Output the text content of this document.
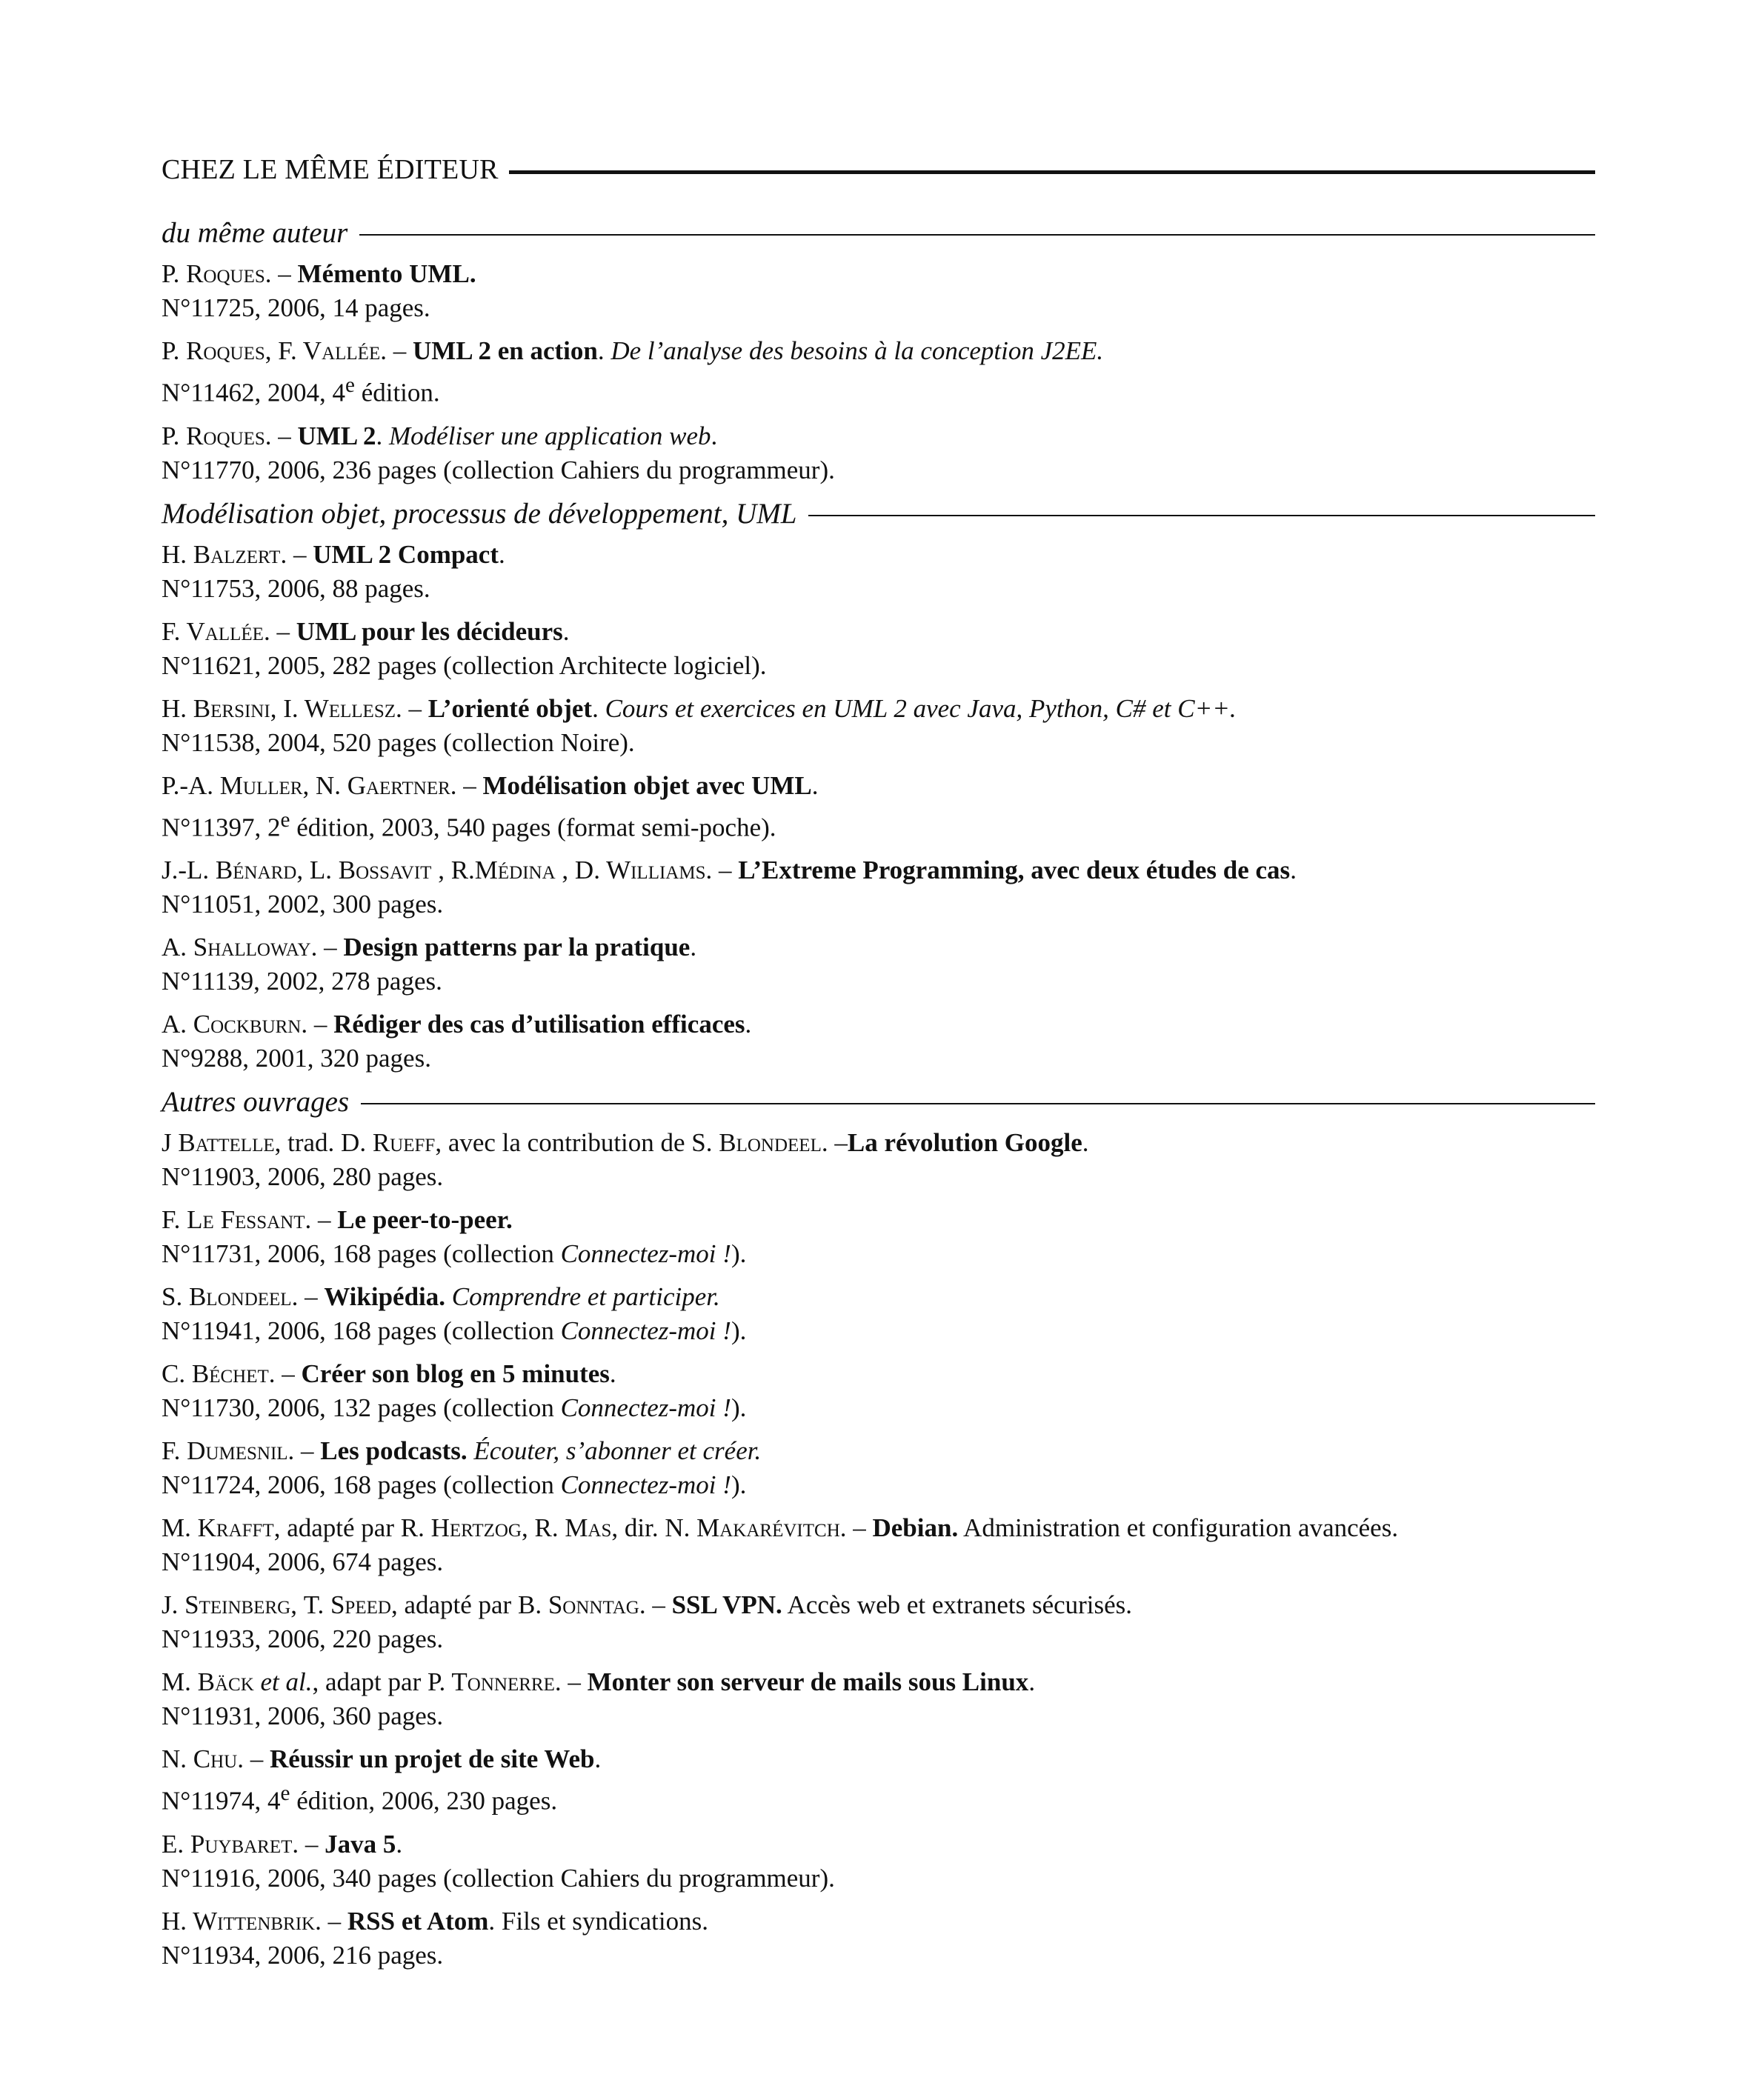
CHEZ LE MÊME ÉDITEUR
du même auteur
P. Roques. – Mémento UML.
N°11725, 2006, 14 pages.
P. Roques, F. Vallée. – UML 2 en action. De l’analyse des besoins à la conception J2EE.
N°11462, 2004, 4e édition.
P. Roques. – UML 2. Modéliser une application web.
N°11770, 2006, 236 pages (collection Cahiers du programmeur).
Modélisation objet, processus de développement, UML
H. Balzert. – UML 2 Compact.
N°11753, 2006, 88 pages.
F. Vallée. – UML pour les décideurs.
N°11621, 2005, 282 pages (collection Architecte logiciel).
H. Bersini, I. Wellesz. – L’orienté objet. Cours et exercices en UML 2 avec Java, Python, C# et C++.
N°11538, 2004, 520 pages (collection Noire).
P.-A. Muller, N. Gaertner. – Modélisation objet avec UML.
N°11397, 2e édition, 2003, 540 pages (format semi-poche).
J.-L. Bénard, L. Bossavit , R.Médina , D. Williams. – L’Extreme Programming, avec deux études de cas.
N°11051, 2002, 300 pages.
A. Shalloway. – Design patterns par la pratique.
N°11139, 2002, 278 pages.
A. Cockburn. – Rédiger des cas d’utilisation efficaces.
N°9288, 2001, 320 pages.
Autres ouvrages
J Battelle, trad. D. Rueff, avec la contribution de S. Blondeel. –La révolution Google.
N°11903, 2006, 280 pages.
F. Le Fessant. – Le peer-to-peer.
N°11731, 2006, 168 pages (collection Connectez-moi !).
S. Blondeel. – Wikipédia. Comprendre et participer.
N°11941, 2006, 168 pages (collection Connectez-moi !).
C. Béchet. – Créer son blog en 5 minutes.
N°11730, 2006, 132 pages (collection Connectez-moi !).
F. Dumesnil. – Les podcasts. Écouter, s’abonner et créer.
N°11724, 2006, 168 pages (collection Connectez-moi !).
M. Krafft, adapté par R. Hertzog, R. Mas, dir. N. Makarévitch. – Debian. Administration et configuration avancées.
N°11904, 2006, 674 pages.
J. Steinberg, T. Speed, adapté par B. Sonntag. – SSL VPN. Accès web et extranets sécurisés.
N°11933, 2006, 220 pages.
M. Bäck et al., adapt par P. Tonnerre. – Monter son serveur de mails sous Linux.
N°11931, 2006, 360 pages.
N. Chu. – Réussir un projet de site Web.
N°11974, 4e édition, 2006, 230 pages.
E. Puybaret. – Java 5.
N°11916, 2006, 340 pages (collection Cahiers du programmeur).
H. Wittenbrik. – RSS et Atom. Fils et syndications.
N°11934, 2006, 216 pages.
